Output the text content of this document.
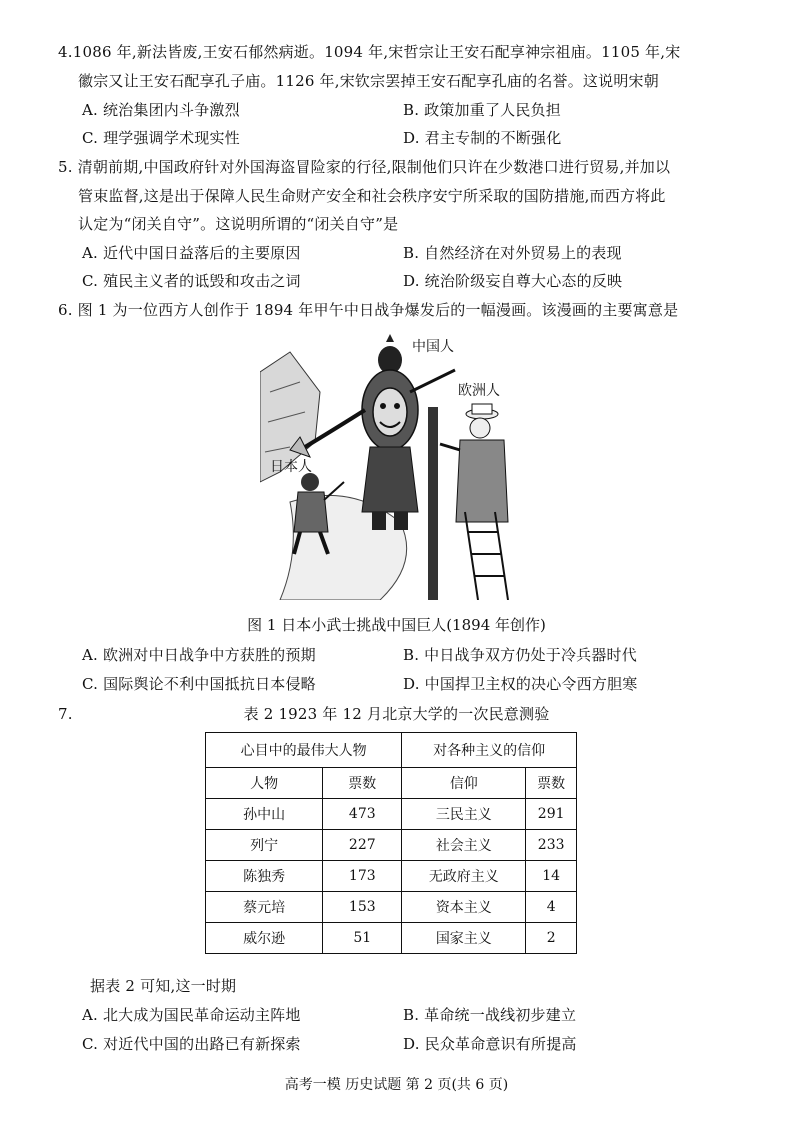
4.1086 年,新法皆废,王安石郁然病逝。1094 年,宋哲宗让王安石配享神宗祖庙。1105 年,宋
徽宗又让王安石配享孔子庙。1126 年,宋钦宗罢掉王安石配享孔庙的名誉。这说明宋朝
A. 统治集团内斗争激烈	B. 政策加重了人民负担
C. 理学强调学术现实性	D. 君主专制的不断强化
5. 清朝前期,中国政府针对外国海盗冒险家的行径,限制他们只许在少数港口进行贸易,并加以
管束监督,这是出于保障人民生命财产安全和社会秩序安宁所采取的国防措施,而西方将此
认定为“闭关自守”。这说明所谓的“闭关自守”是
A. 近代中国日益落后的主要原因	B. 自然经济在对外贸易上的表现
C. 殖民主义者的诋毁和攻击之词	D. 统治阶级妄自尊大心态的反映
6. 图 1 为一位西方人创作于 1894 年甲午中日战争爆发后的一幅漫画。该漫画的主要寓意是
中国人
欧洲人
日本人
图 1 日本小武士挑战中国巨人(1894 年创作)
A. 欧洲对中日战争中方获胜的预期	B. 中日战争双方仍处于冷兵器时代
C. 国际舆论不利中国抵抗日本侵略	D. 中国捍卫主权的决心令西方胆寒
7.	表 2 1923 年 12 月北京大学的一次民意测验
心目中的最伟大人物		对各种主义的信仰	
人物	票数	信仰	票数
孙中山	473	三民主义	291
列宁	227	社会主义	233
陈独秀	173	无政府主义	14
蔡元培	153	资本主义	4
威尔逊	51	国家主义	2
据表 2 可知,这一时期
A. 北大成为国民革命运动主阵地	B. 革命统一战线初步建立
C. 对近代中国的出路已有新探索	D. 民众革命意识有所提高
高考一模 历史试题 第 2 页(共 6 页)
